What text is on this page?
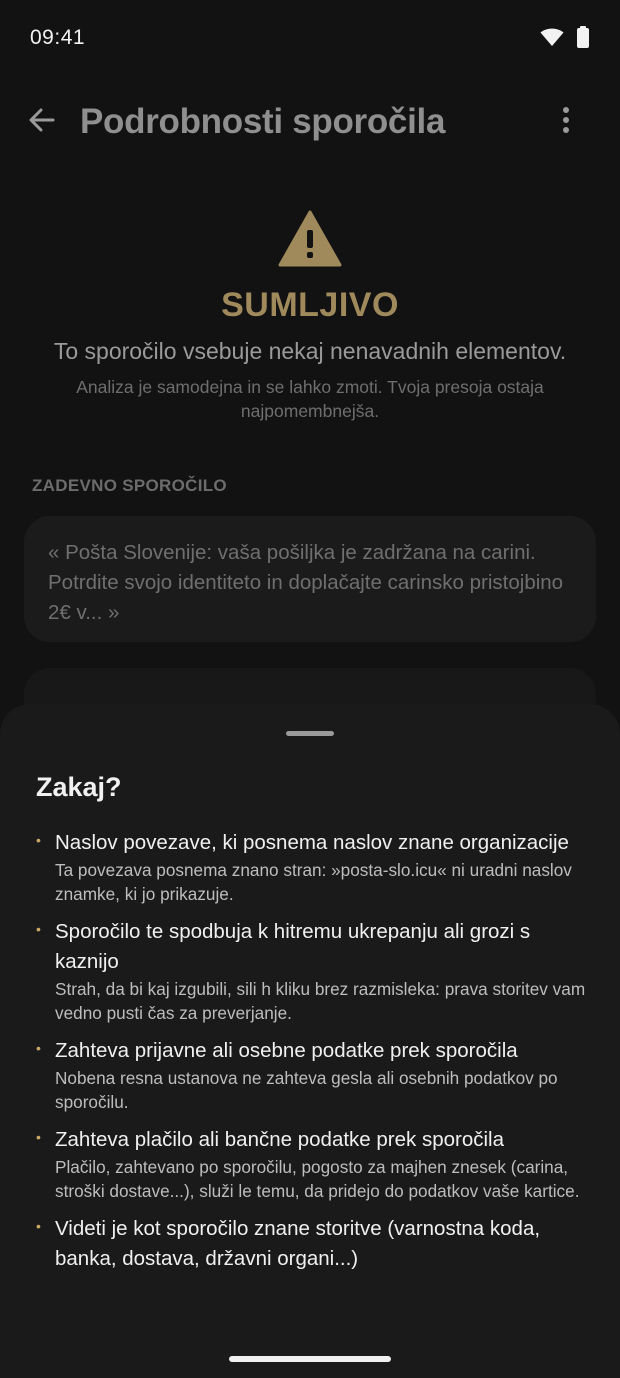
09:41
Podrobnosti sporočila
SUMLJIVO
To sporočilo vsebuje nekaj nenavadnih elementov.
Analiza je samodejna in se lahko zmoti. Tvoja presoja ostaja najpomembnejša.
ZADEVNO SPOROČILO

« Pošta Slovenije: vaša pošiljka je zadržana na carini. Potrdite svojo identiteto in doplačajte carinsko pristojbino 2€ v... »

Zakaj?
• Naslov povezave, ki posnema naslov znane organizacije
Ta povezava posnema znano stran: »posta-slo.icu« ni uradni naslov znamke, ki jo prikazuje.
• Sporočilo te spodbuja k hitremu ukrepanju ali grozi s kaznijo
Strah, da bi kaj izgubili, sili h kliku brez razmisleka: prava storitev vam vedno pusti čas za preverjanje.
• Zahteva prijavne ali osebne podatke prek sporočila
Nobena resna ustanova ne zahteva gesla ali osebnih podatkov po sporočilu.
• Zahteva plačilo ali bančne podatke prek sporočila
Plačilo, zahtevano po sporočilu, pogosto za majhen znesek (carina, stroški dostave...), služi le temu, da pridejo do podatkov vaše kartice.
• Videti je kot sporočilo znane storitve (varnostna koda, banka, dostava, državni organi...)
